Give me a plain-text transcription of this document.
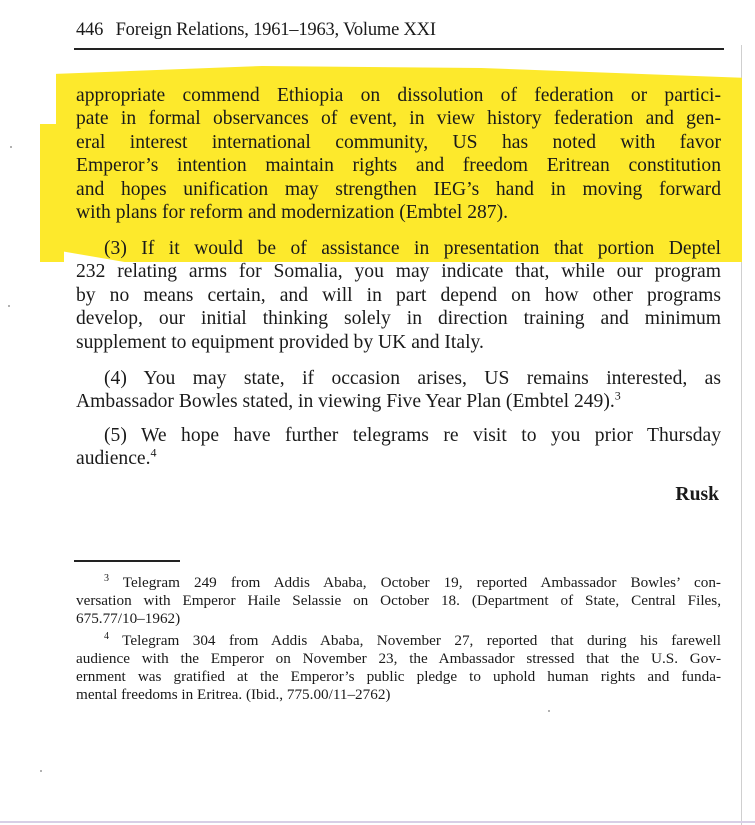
446 Foreign Relations, 1961–1963, Volume XXI
appropriate commend Ethiopia on dissolution of federation or partici-
pate in formal observances of event, in view history federation and gen-
eral interest international community, US has noted with favor
Emperor’s intention maintain rights and freedom Eritrean constitution
and hopes unification may strengthen IEG’s hand in moving forward
with plans for reform and modernization (Embtel 287).
(3) If it would be of assistance in presentation that portion Deptel
232 relating arms for Somalia, you may indicate that, while our program
by no means certain, and will in part depend on how other programs
develop, our initial thinking solely in direction training and minimum
supplement to equipment provided by UK and Italy.
(4) You may state, if occasion arises, US remains interested, as
Ambassador Bowles stated, in viewing Five Year Plan (Embtel 249).$^3$
(5) We hope have further telegrams re visit to you prior Thursday
audience.$^4$
Rusk
$^3$ Telegram 249 from Addis Ababa, October 19, reported Ambassador Bowles’ con-
versation with Emperor Haile Selassie on October 18. (Department of State, Central Files,
675.77/10–1962)
$^4$ Telegram 304 from Addis Ababa, November 27, reported that during his farewell
audience with the Emperor on November 23, the Ambassador stressed that the U.S. Gov-
ernment was gratified at the Emperor’s public pledge to uphold human rights and funda-
mental freedoms in Eritrea. (Ibid., 775.00/11–2762)
